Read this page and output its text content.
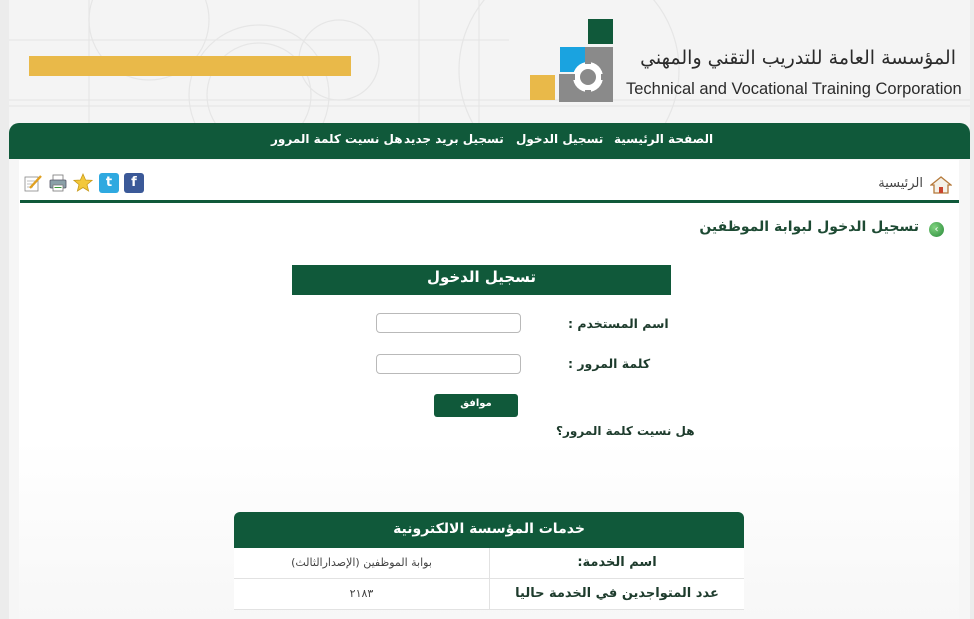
المؤسسة العامة للتدريب التقني والمهني
Technical and Vocational Training Corporation
الصفحة الرئيسية
تسجيل الدخول
تسجيل بريد جديد
هل نسيت كلمة المرور
f
t	الرئيسية
‹
تسجيل الدخول لبوابة الموظفين
تسجيل الدخول
اسم المستخدم :
كلمة المرور :
موافق
هل نسيت كلمة المرور؟
خدمات المؤسسة الالكترونية
اسم الخدمة:
بوابة الموظفين (الإصدارالثالث)
عدد المتواجدين في الخدمة حاليا
٢١٨٣
